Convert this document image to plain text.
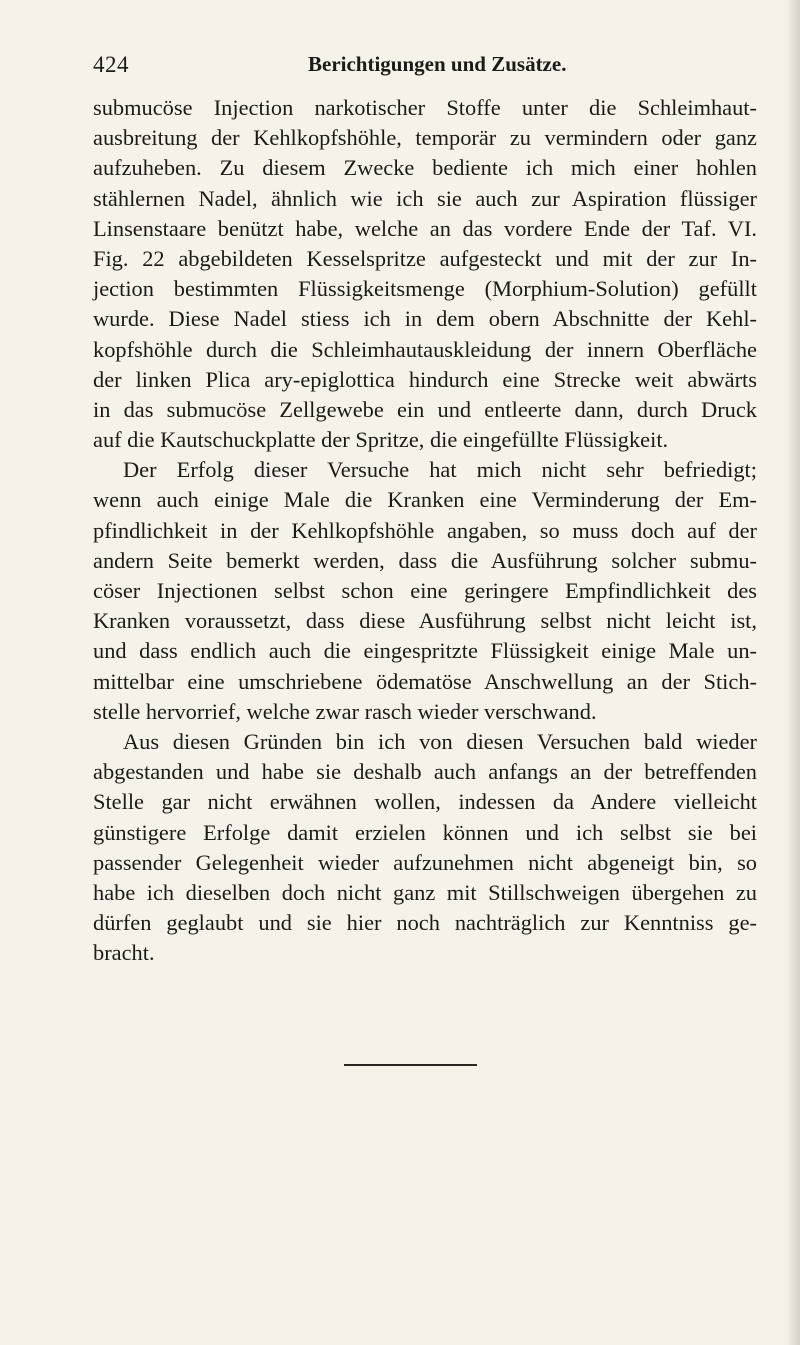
424	Berichtigungen und Zusätze.
submucöse Injection narkotischer Stoffe unter die Schleimhaut-
ausbreitung der Kehlkopfshöhle, temporär zu vermindern oder ganz
aufzuheben. Zu diesem Zwecke bediente ich mich einer hohlen
stählernen Nadel, ähnlich wie ich sie auch zur Aspiration flüssiger
Linsenstaare benützt habe, welche an das vordere Ende der Taf. VI.
Fig. 22 abgebildeten Kesselspritze aufgesteckt und mit der zur In-
jection bestimmten Flüssigkeitsmenge (Morphium-Solution) gefüllt
wurde. Diese Nadel stiess ich in dem obern Abschnitte der Kehl-
kopfshöhle durch die Schleimhautauskleidung der innern Oberfläche
der linken Plica ary-epiglottica hindurch eine Strecke weit abwärts
in das submucöse Zellgewebe ein und entleerte dann, durch Druck
auf die Kautschuckplatte der Spritze, die eingefüllte Flüssigkeit.
Der Erfolg dieser Versuche hat mich nicht sehr befriedigt;
wenn auch einige Male die Kranken eine Verminderung der Em-
pfindlichkeit in der Kehlkopfshöhle angaben, so muss doch auf der
andern Seite bemerkt werden, dass die Ausführung solcher submu-
cöser Injectionen selbst schon eine geringere Empfindlichkeit des
Kranken voraussetzt, dass diese Ausführung selbst nicht leicht ist,
und dass endlich auch die eingespritzte Flüssigkeit einige Male un-
mittelbar eine umschriebene ödematöse Anschwellung an der Stich-
stelle hervorrief, welche zwar rasch wieder verschwand.
Aus diesen Gründen bin ich von diesen Versuchen bald wieder
abgestanden und habe sie deshalb auch anfangs an der betreffenden
Stelle gar nicht erwähnen wollen, indessen da Andere vielleicht
günstigere Erfolge damit erzielen können und ich selbst sie bei
passender Gelegenheit wieder aufzunehmen nicht abgeneigt bin, so
habe ich dieselben doch nicht ganz mit Stillschweigen übergehen zu
dürfen geglaubt und sie hier noch nachträglich zur Kenntniss ge-
bracht.
